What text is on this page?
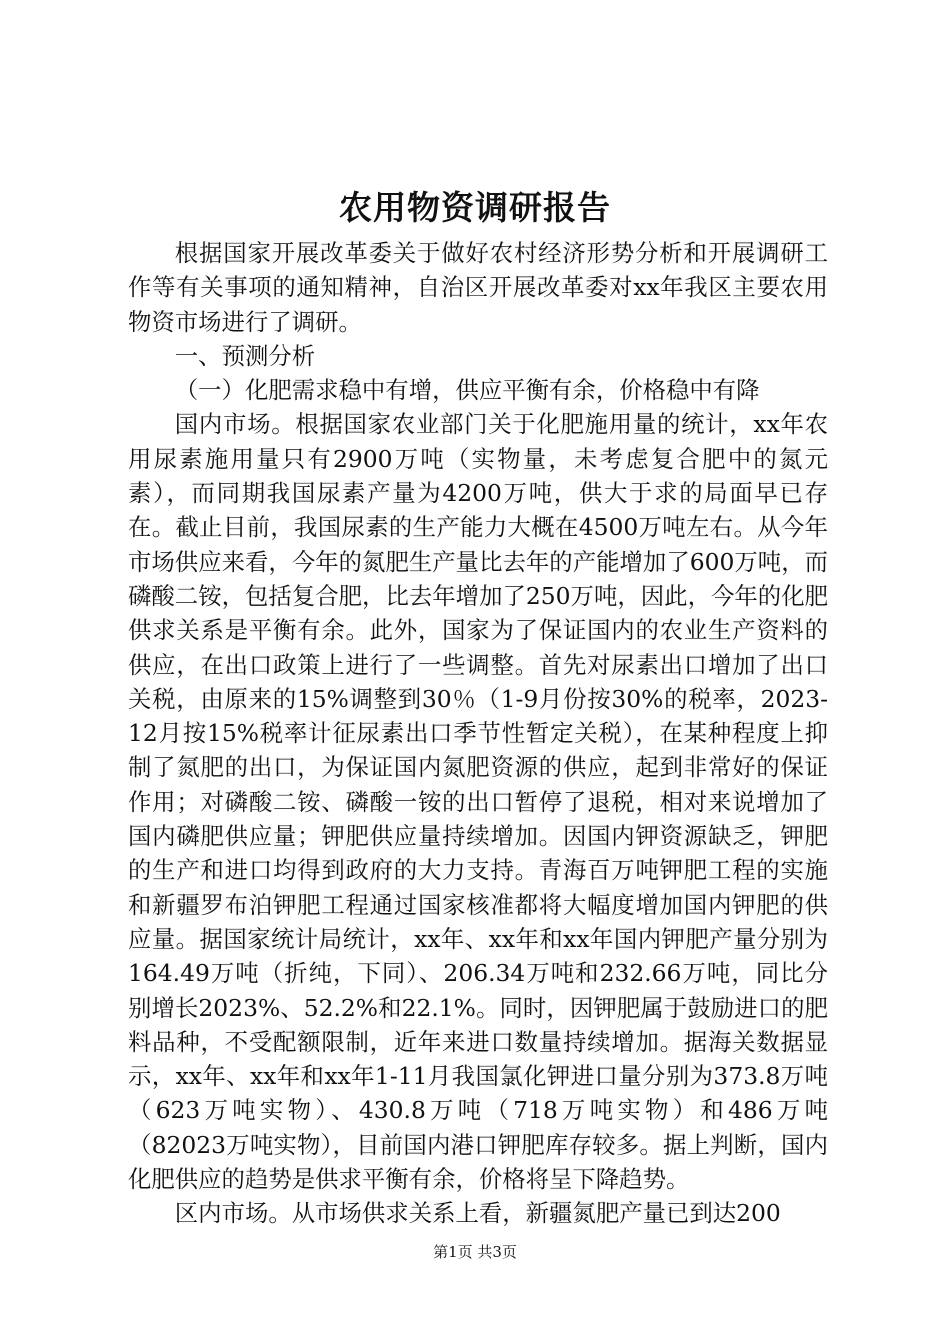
农用物资调研报告

根据国家开展改革委关于做好农村经济形势分析和开展调研工作等有关事项的通知精神，自治区开展改革委对xx年我区主要农用物资市场进行了调研。

一、预测分析

（一）化肥需求稳中有增，供应平衡有余，价格稳中有降

国内市场。根据国家农业部门关于化肥施用量的统计，xx年农用尿素施用量只有2900万吨（实物量，未考虑复合肥中的氮元素），而同期我国尿素产量为4200万吨，供大于求的局面早已存在。截止目前，我国尿素的生产能力大概在4500万吨左右。从今年市场供应来看，今年的氮肥生产量比去年的产能增加了600万吨，而磷酸二铵，包括复合肥，比去年增加了250万吨，因此，今年的化肥供求关系是平衡有余。此外，国家为了保证国内的农业生产资料的供应，在出口政策上进行了一些调整。首先对尿素出口增加了出口关税，由原来的15%调整到30％（1-9月份按30%的税率，2023-12月按15%税率计征尿素出口季节性暂定关税），在某种程度上抑制了氮肥的出口，为保证国内氮肥资源的供应，起到非常好的保证作用；对磷酸二铵、磷酸一铵的出口暂停了退税，相对来说增加了国内磷肥供应量；钾肥供应量持续增加。因国内钾资源缺乏，钾肥的生产和进口均得到政府的大力支持。青海百万吨钾肥工程的实施和新疆罗布泊钾肥工程通过国家核准都将大幅度增加国内钾肥的供应量。据国家统计局统计，xx年、xx年和xx年国内钾肥产量分别为164.49万吨（折纯，下同）、206.34万吨和232.66万吨，同比分别增长2023%、52.2%和22.1%。同时，因钾肥属于鼓励进口的肥料品种，不受配额限制，近年来进口数量持续增加。据海关数据显示，xx年、xx年和xx年1-11月我国氯化钾进口量分别为373.8万吨（623万吨实物）、430.8万吨（718万吨实物）和486万吨（82023万吨实物），目前国内港口钾肥库存较多。据上判断，国内化肥供应的趋势是供求平衡有余，价格将呈下降趋势。

区内市场。从市场供求关系上看，新疆氮肥产量已到达200

第1页 共3页
